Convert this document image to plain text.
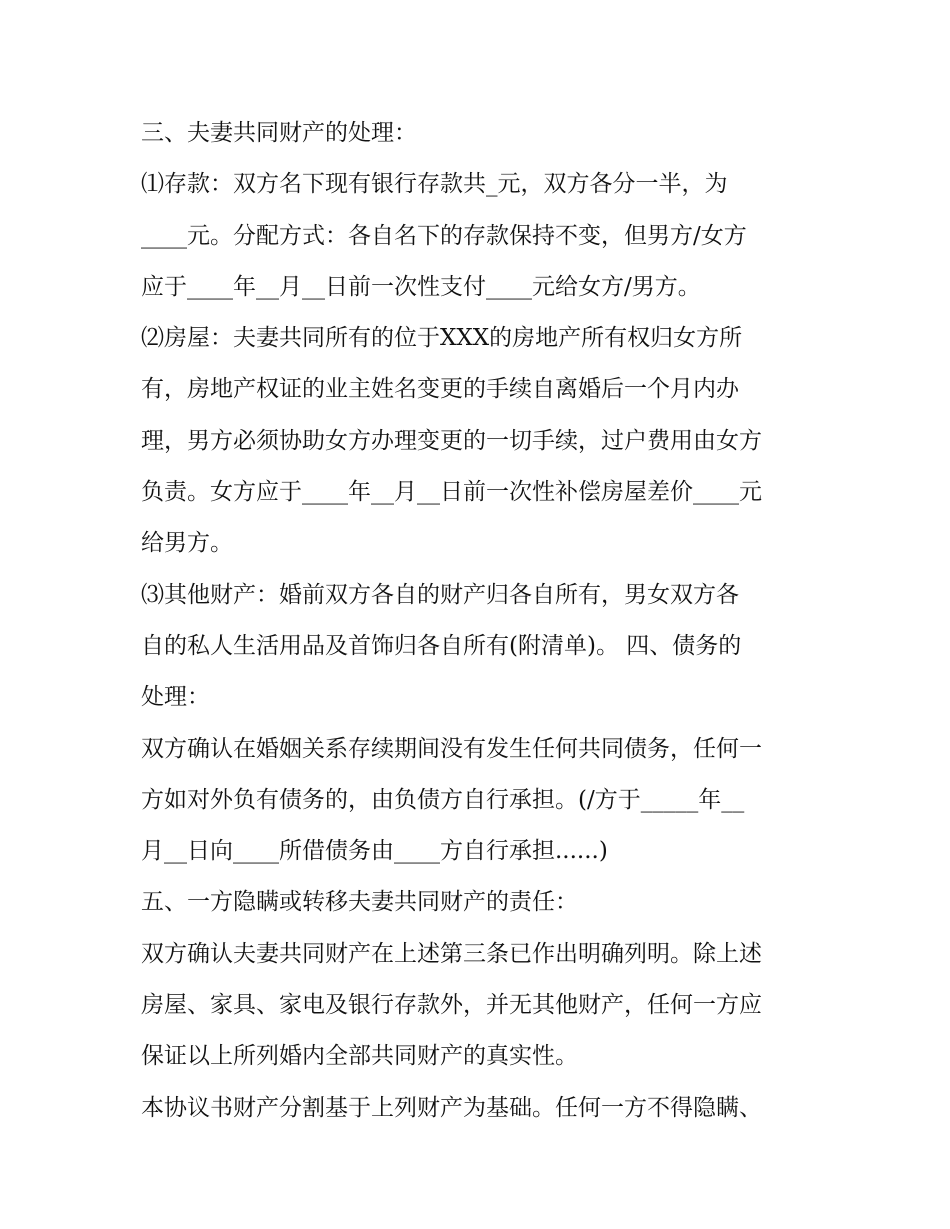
三、夫妻共同财产的处理：
⑴存款：双方名下现有银行存款共_元，双方各分一半，为
____元。分配方式：各自名下的存款保持不变，但男方/女方
应于____年__月__日前一次性支付____元给女方/男方。
⑵房屋：夫妻共同所有的位于XXX的房地产所有权归女方所
有，房地产权证的业主姓名变更的手续自离婚后一个月内办
理，男方必须协助女方办理变更的一切手续，过户费用由女方
负责。女方应于____年__月__日前一次性补偿房屋差价____元
给男方。
⑶其他财产：婚前双方各自的财产归各自所有，男女双方各
自的私人生活用品及首饰归各自所有(附清单)。 四、债务的
处理：
双方确认在婚姻关系存续期间没有发生任何共同债务，任何一
方如对外负有债务的，由负债方自行承担。(/方于_____年__
月__日向____所借债务由____方自行承担......)
五、一方隐瞒或转移夫妻共同财产的责任：
双方确认夫妻共同财产在上述第三条已作出明确列明。除上述
房屋、家具、家电及银行存款外，并无其他财产，任何一方应
保证以上所列婚内全部共同财产的真实性。
本协议书财产分割基于上列财产为基础。任何一方不得隐瞒、
